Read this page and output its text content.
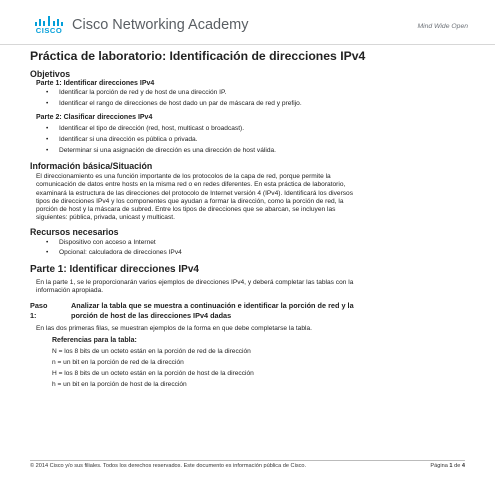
CISCO Cisco Networking Academy	Mind Wide Open
Práctica de laboratorio: Identificación de direcciones IPv4
Objetivos
Parte 1: Identificar direcciones IPv4
• Identificar la porción de red y de host de una dirección IP.
• Identificar el rango de direcciones de host dado un par de máscara de red y prefijo.
Parte 2: Clasificar direcciones IPv4
• Identificar el tipo de dirección (red, host, multicast o broadcast).
• Identificar si una dirección es pública o privada.
• Determinar si una asignación de dirección es una dirección de host válida.
Información básica/Situación
El direccionamiento es una función importante de los protocolos de la capa de red, porque permite la
comunicación de datos entre hosts en la misma red o en redes diferentes. En esta práctica de laboratorio,
examinará la estructura de las direcciones del protocolo de Internet versión 4 (IPv4). Identificará los diversos
tipos de direcciones IPv4 y los componentes que ayudan a formar la dirección, como la porción de red, la
porción de host y la máscara de subred. Entre los tipos de direcciones que se abarcan, se incluyen las
siguientes: pública, privada, unicast y multicast.
Recursos necesarios
• Dispositivo con acceso a Internet
• Opcional: calculadora de direcciones IPv4
Parte 1: Identificar direcciones IPv4
En la parte 1, se le proporcionarán varios ejemplos de direcciones IPv4, y deberá completar las tablas con la
información apropiada.
Paso 1:
Analizar la tabla que se muestra a continuación e identificar la porción de red y la
porción de host de las direcciones IPv4 dadas
En las dos primeras filas, se muestran ejemplos de la forma en que debe completarse la tabla.
Referencias para la tabla:
N = los 8 bits de un octeto están en la porción de red de la dirección
n = un bit en la porción de red de la dirección
H = los 8 bits de un octeto están en la porción de host de la dirección
h = un bit en la porción de host de la dirección
© 2014 Cisco y/o sus filiales. Todos los derechos reservados. Este documento es información pública de Cisco.	Página 1 de 4
